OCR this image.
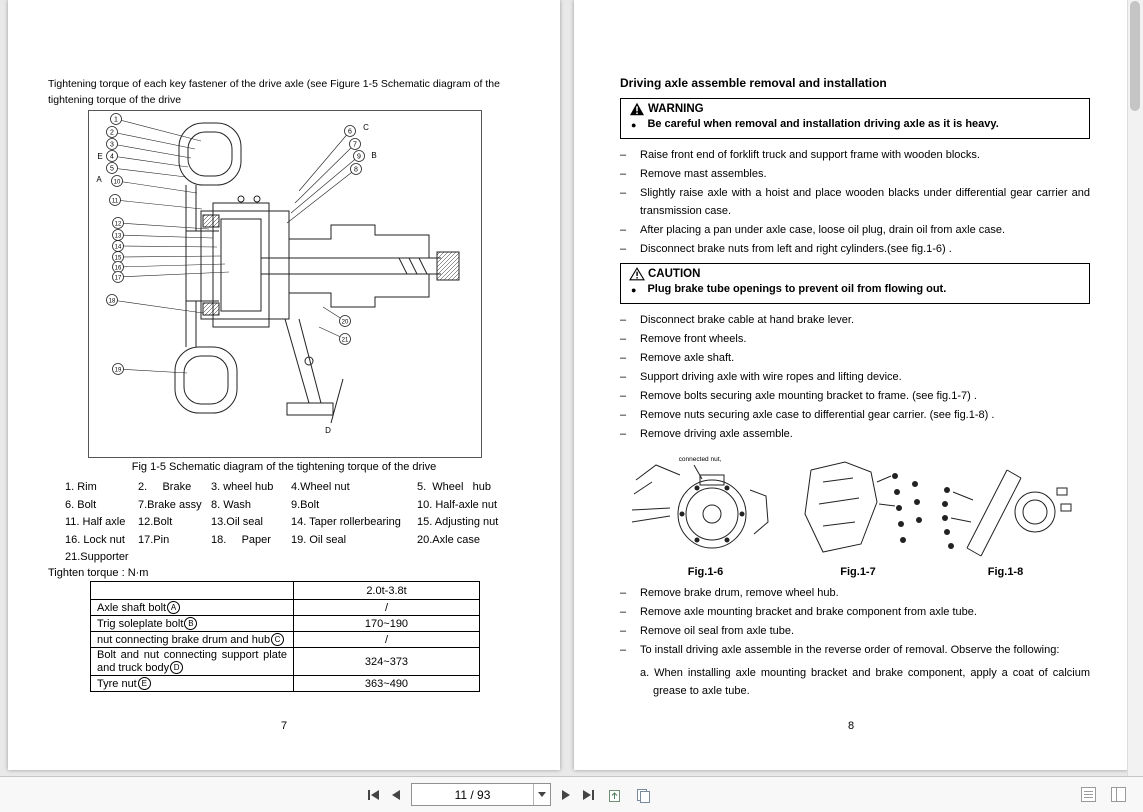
Tightening torque of each key fastener of the drive axle (see Figure 1-5 Schematic diagram of the
tightening torque of the drive
1
2
3
4
5
10
11
12
13
14
15
16
17
18
19
6
7
9
8
20
21
E
A
C
B
D
Fig 1-5 Schematic diagram of the tightening torque of the drive
1. Rim	2.     Brake	3. wheel hub	4.Wheel nut	5.  Wheel   hub
6. Bolt	7.Brake assy 8. Wash	9.Bolt	10. Half-axle nut
11. Half axle	12.Bolt	13.Oil seal	14. Taper rollerbearing	15. Adjusting nut
16. Lock nut	17.Pin	18.     Paper	19. Oil seal	20.Axle case
21.Supporter
Tighten torque : N·m
	2.0t-3.8t
Axle shaft bolt A	/
Trig soleplate bolt B	170~190
nut connecting brake drum and hub C	/
Bolt and nut connecting support plate and truck body D	324~373
Tyre nut E	363~490
7
Driving axle assemble removal and installation
WARNING
● Be careful when removal and installation driving axle as it is heavy.
–	Raise front end of forklift truck and support frame with wooden blocks.
–	Remove mast assembles.
–	Slightly raise axle with a hoist and place wooden blacks under differential gear carrier and transmission case.
–	After placing a pan under axle case, loose oil plug, drain oil from axle case.
–	Disconnect brake nuts from left and right cylinders.(see fig.1-6) .
CAUTION
● Plug brake tube openings to prevent oil from flowing out.
–	Disconnect brake cable at hand brake lever.
–	Remove front wheels.
–	Remove axle shaft.
–	Support driving axle with wire ropes and lifting device.
–	Remove bolts securing axle mounting bracket to frame. (see fig.1-7) .
–	Remove nuts securing axle case to differential gear carrier. (see fig.1-8) .
–	Remove driving axle assemble.
connected nut,
Fig.1-6	Fig.1-7	Fig.1-8
–	Remove brake drum, remove wheel hub.
–	Remove axle mounting bracket and brake component from axle tube.
–	Remove oil seal from axle tube.
–	To install driving axle assemble in the reverse order of removal. Observe the following:
a. When installing axle mounting bracket and brake component, apply a coat of calcium grease to axle tube.
8
11 / 93
